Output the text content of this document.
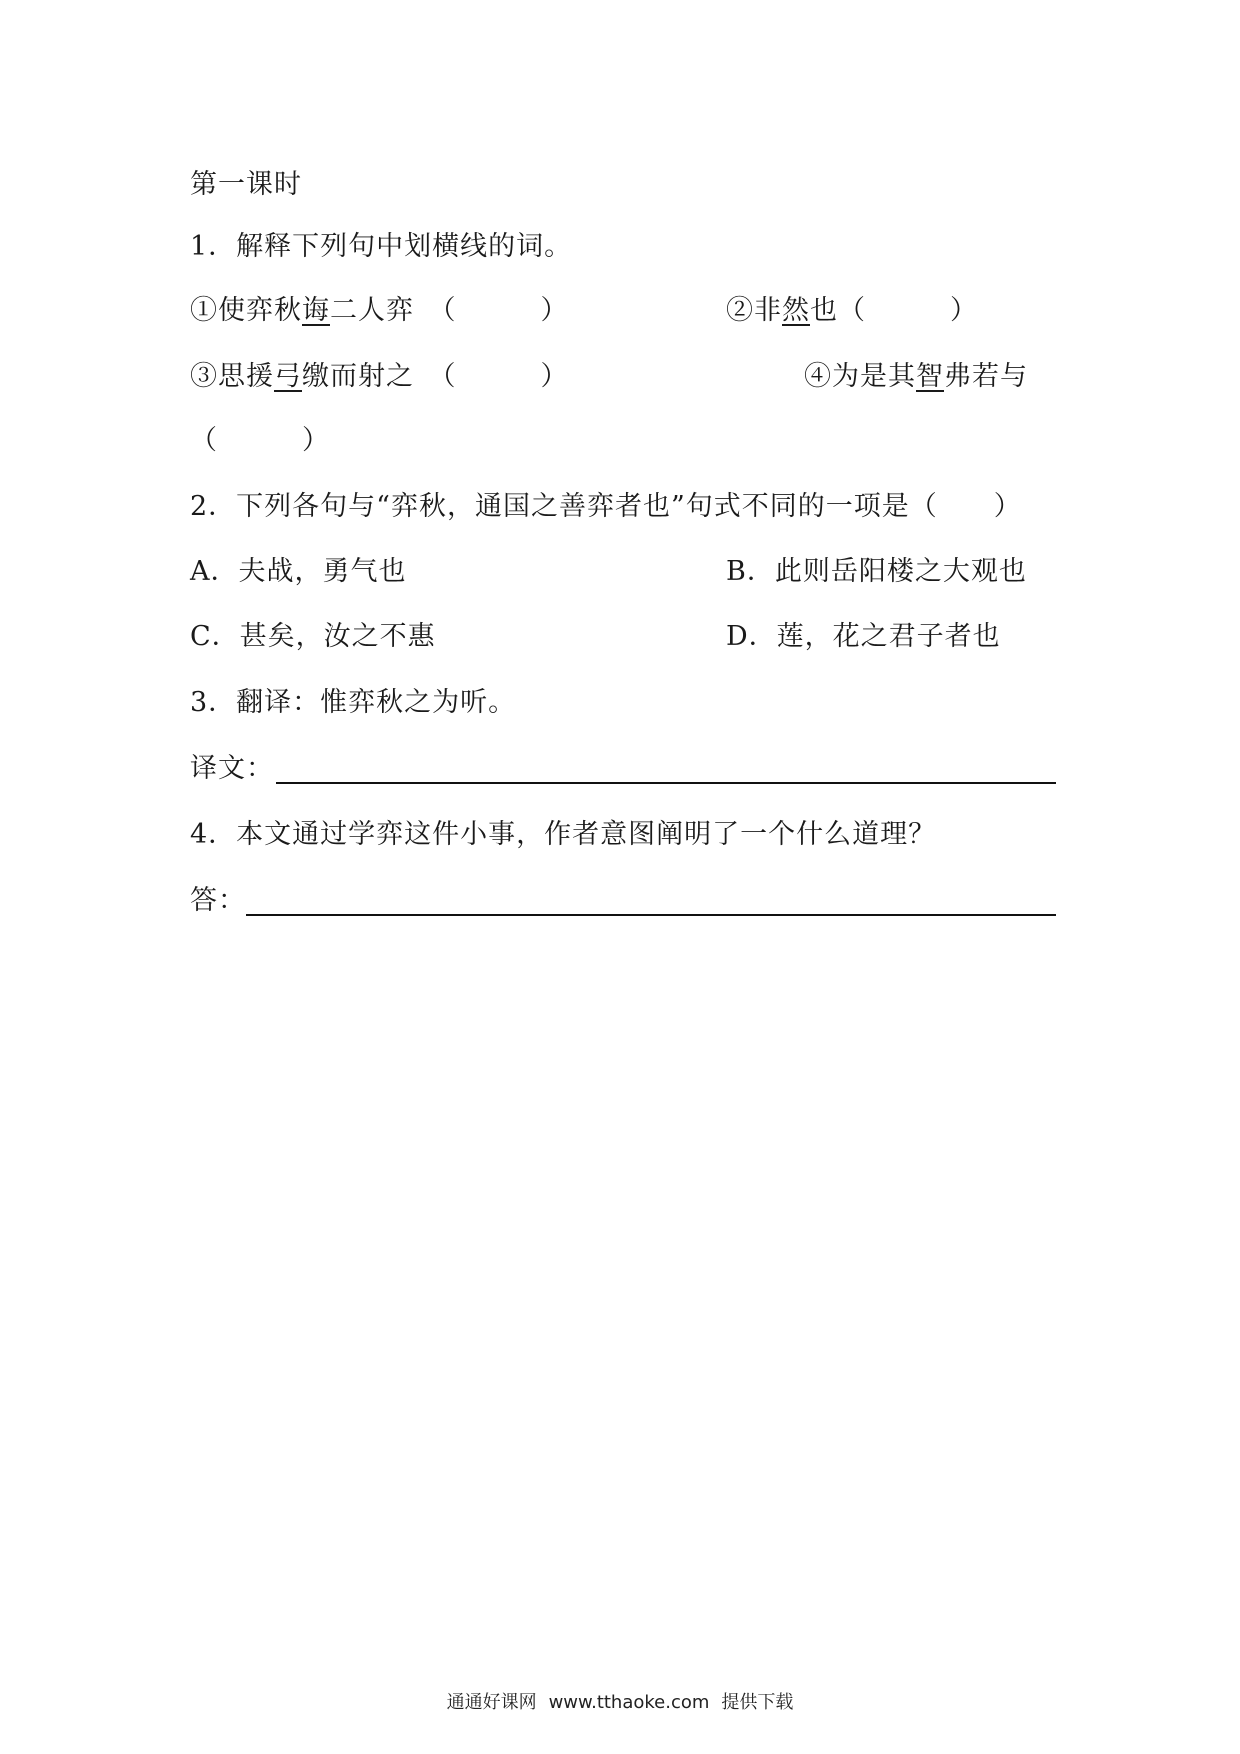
第一课时
1．解释下列句中划横线的词。
①使弈秋诲二人弈　（　　　）	②非然也（　　　）
③思援弓缴而射之　（　　　）	④为是其智弗若与
（　　　）
2．下列各句与“弈秋，通国之善弈者也”句式不同的一项是（　　）
A．夫战，勇气也	B．此则岳阳楼之大观也
C．甚矣，汝之不惠	D．莲，花之君子者也
3．翻译：惟弈秋之为听。
译文：
4．本文通过学弈这件小事，作者意图阐明了一个什么道理？
答：
通通好课网 www.tthaoke.com 提供下载
